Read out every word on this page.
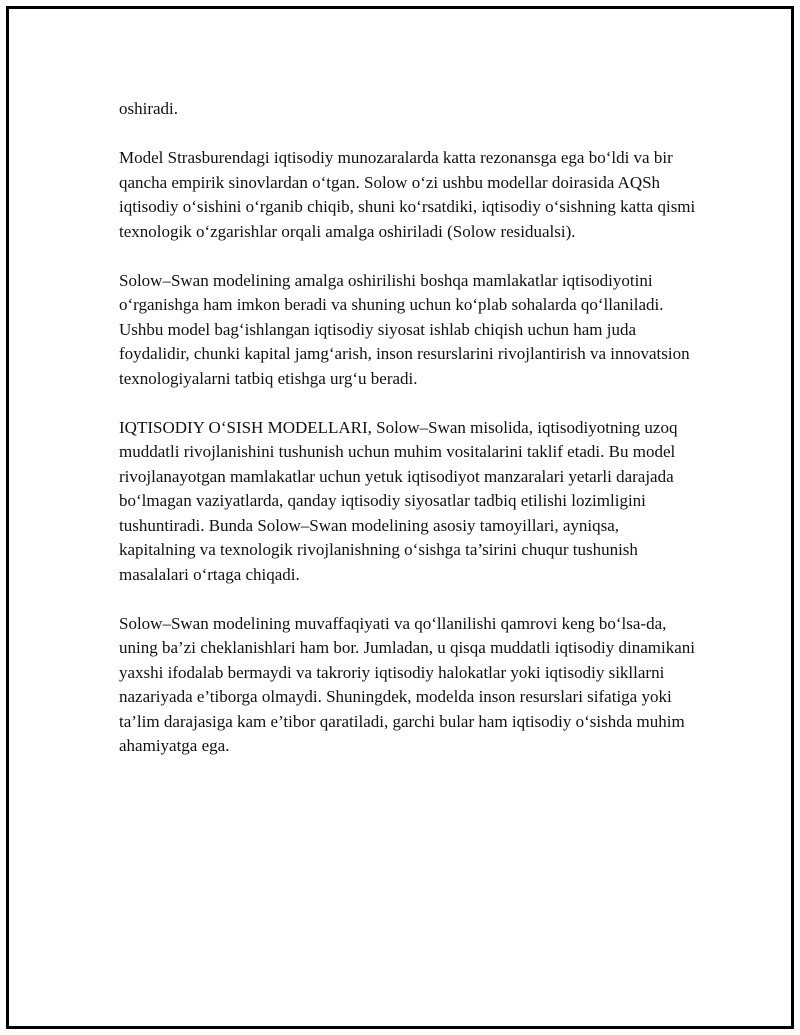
oshiradi.

Model Strasburendagi iqtisodiy munozaralarda katta rezonansga ega bo‘ldi va bir qancha empirik sinovlardan o‘tgan. Solow o‘zi ushbu modellar doirasida AQSh iqtisodiy o‘sishini o‘rganib chiqib, shuni ko‘rsatdiki, iqtisodiy o‘sishning katta qismi texnologik o‘zgarishlar orqali amalga oshiriladi (Solow residualsi).

Solow–Swan modelining amalga oshirilishi boshqa mamlakatlar iqtisodiyotini o‘rganishga ham imkon beradi va shuning uchun ko‘plab sohalarda qo‘llaniladi. Ushbu model bag‘ishlangan iqtisodiy siyosat ishlab chiqish uchun ham juda foydalidir, chunki kapital jamg‘arish, inson resurslarini rivojlantirish va innovatsion texnologiyalarni tatbiq etishga urg‘u beradi.

IQTISODIY O‘SISH MODELLARI, Solow–Swan misolida, iqtisodiyotning uzoq muddatli rivojlanishini tushunish uchun muhim vositalarini taklif etadi. Bu model rivojlanayotgan mamlakatlar uchun yetuk iqtisodiyot manzaralari yetarli darajada bo‘lmagan vaziyatlarda, qanday iqtisodiy siyosatlar tadbiq etilishi lozimligini tushuntiradi. Bunda Solow–Swan modelining asosiy tamoyillari, ayniqsa, kapitalning va texnologik rivojlanishning o‘sishga ta’sirini chuqur tushunish masalalari o‘rtaga chiqadi.

Solow–Swan modelining muvaffaqiyati va qo‘llanilishi qamrovi keng bo‘lsa-da, uning ba’zi cheklanishlari ham bor. Jumladan, u qisqa muddatli iqtisodiy dinamikani yaxshi ifodalab bermaydi va takroriy iqtisodiy halokatlar yoki iqtisodiy sikllarni nazariyada e’tiborga olmaydi. Shuningdek, modelda inson resurslari sifatiga yoki ta’lim darajasiga kam e’tibor qaratiladi, garchi bular ham iqtisodiy o‘sishda muhim ahamiyatga ega.
